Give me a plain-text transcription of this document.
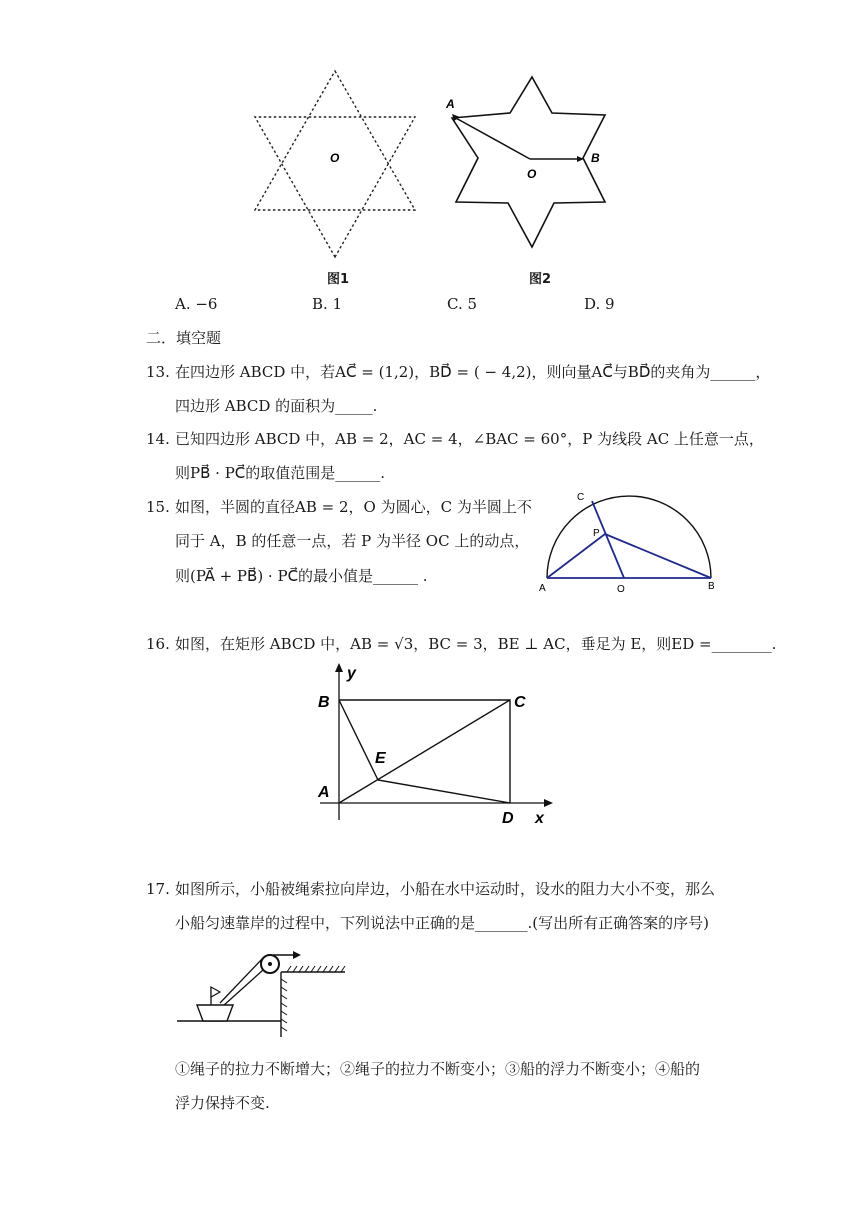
O
图1
A
B
O
图2
A. −6	B. 1	C. 5	D. 9
二．填空题
13. 在四边形 ABCD 中，若AC⃗ = (1,2)，BD⃗ = ( − 4,2)，则向量AC⃗与BD⃗的夹角为______，
四边形 ABCD 的面积为_____.
14. 已知四边形 ABCD 中，AB = 2，AC = 4，∠BAC = 60°，P 为线段 AC 上任意一点，
则PB⃗ · PC⃗的取值范围是______.
15. 如图，半圆的直径AB = 2，O 为圆心，C 为半圆上不
同于 A，B 的任意一点，若 P 为半径 OC 上的动点，
则(PA⃗ + PB⃗) · PC⃗的最小值是______ .
C
P
A	O	B
16. 如图，在矩形 ABCD 中，AB = √3，BC = 3，BE ⊥ AC，垂足为 E，则ED =________.
y
B	C
E
A
D x
17. 如图所示，小船被绳索拉向岸边，小船在水中运动时，设水的阻力大小不变，那么
小船匀速靠岸的过程中，下列说法中正确的是_______.(写出所有正确答案的序号)
①绳子的拉力不断增大；②绳子的拉力不断变小；③船的浮力不断变小；④船的
浮力保持不变.
